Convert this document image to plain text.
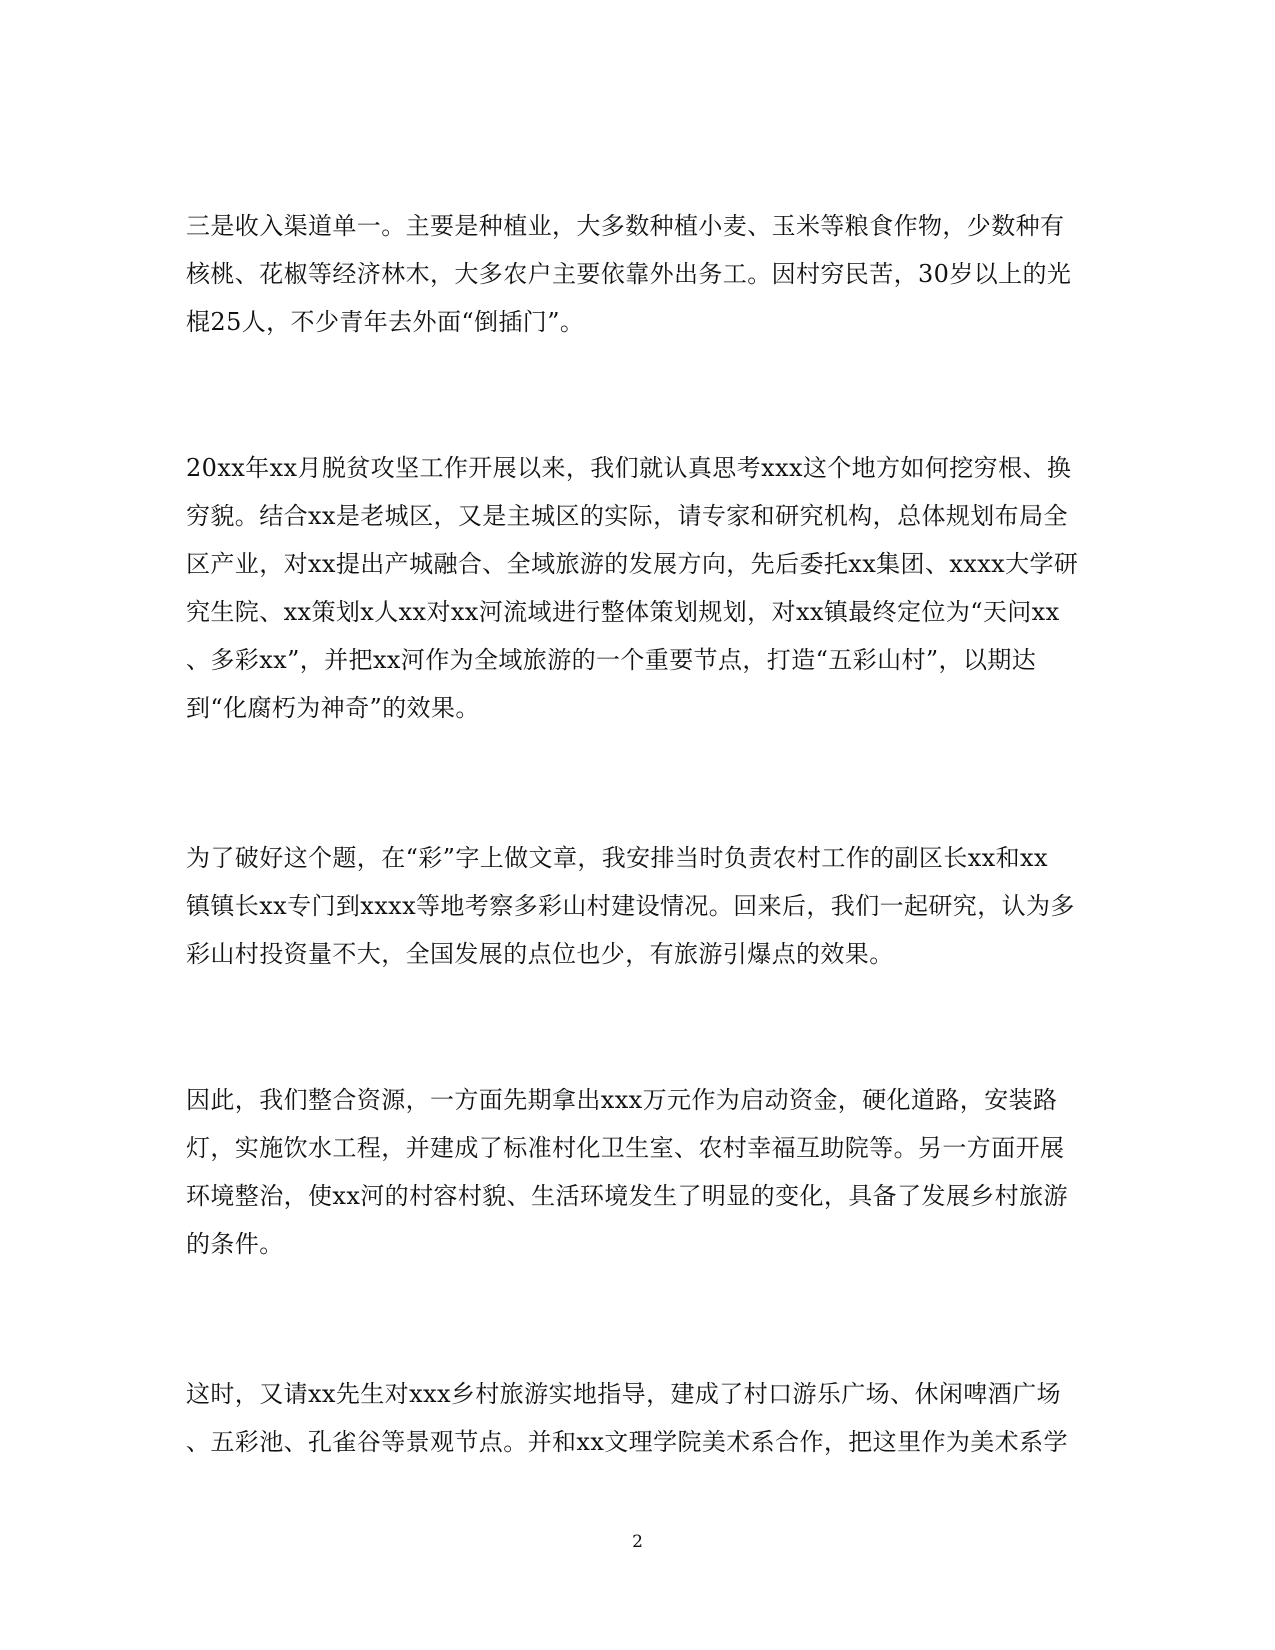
三是收入渠道单一。主要是种植业，大多数种植小麦、玉米等粮食作物，少数种有
核桃、花椒等经济林木，大多农户主要依靠外出务工。因村穷民苦，30岁以上的光
棍25人，不少青年去外面“倒插门”。
20xx年xx月脱贫攻坚工作开展以来，我们就认真思考xxx这个地方如何挖穷根、换
穷貌。结合xx是老城区，又是主城区的实际，请专家和研究机构，总体规划布局全
区产业，对xx提出产城融合、全域旅游的发展方向，先后委托xx集团、xxxx大学研
究生院、xx策划x人xx对xx河流域进行整体策划规划，对xx镇最终定位为“天问xx
、多彩xx”，并把xx河作为全域旅游的一个重要节点，打造“五彩山村”，以期达
到“化腐朽为神奇”的效果。
为了破好这个题，在“彩”字上做文章，我安排当时负责农村工作的副区长xx和xx
镇镇长xx专门到xxxx等地考察多彩山村建设情况。回来后，我们一起研究，认为多
彩山村投资量不大，全国发展的点位也少，有旅游引爆点的效果。
因此，我们整合资源，一方面先期拿出xxx万元作为启动资金，硬化道路，安装路
灯，实施饮水工程，并建成了标准村化卫生室、农村幸福互助院等。另一方面开展
环境整治，使xx河的村容村貌、生活环境发生了明显的变化，具备了发展乡村旅游
的条件。
这时，又请xx先生对xxx乡村旅游实地指导，建成了村口游乐广场、休闲啤酒广场
、五彩池、孔雀谷等景观节点。并和xx文理学院美术系合作，把这里作为美术系学
2
